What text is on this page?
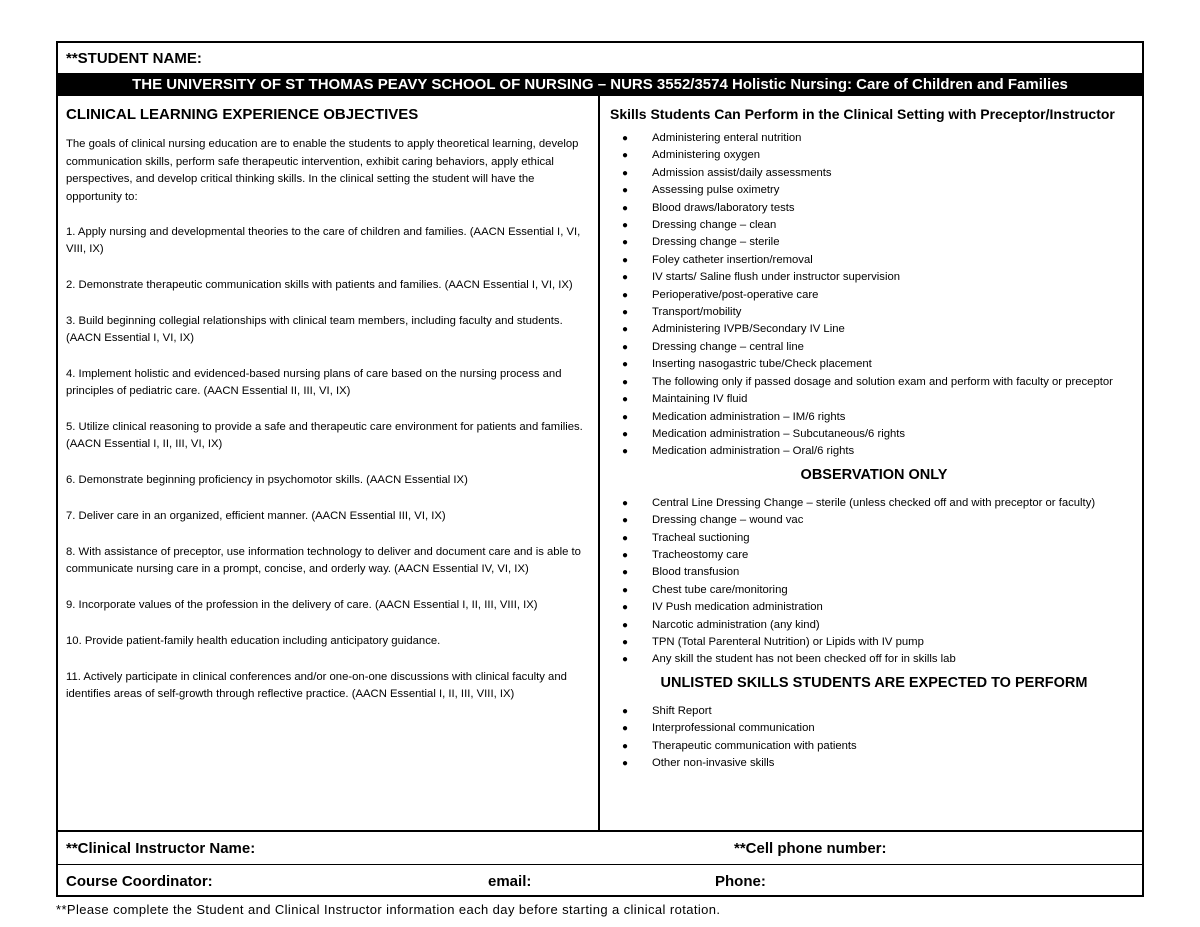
**STUDENT NAME:
THE UNIVERSITY OF ST THOMAS PEAVY SCHOOL OF NURSING – NURS 3552/3574 Holistic Nursing: Care of Children and Families
CLINICAL LEARNING EXPERIENCE OBJECTIVES

The goals of clinical nursing education are to enable the students to apply theoretical learning, develop communication skills, perform safe therapeutic intervention, exhibit caring behaviors, apply ethical perspectives, and develop critical thinking skills. In the clinical setting the student will have the opportunity to:

1. Apply nursing and developmental theories to the care of children and families. (AACN Essential I, VI, VIII, IX)
2. Demonstrate therapeutic communication skills with patients and families. (AACN Essential I, VI, IX)
3. Build beginning collegial relationships with clinical team members, including faculty and students. (AACN Essential I, VI, IX)
4. Implement holistic and evidenced-based nursing plans of care based on the nursing process and principles of pediatric care. (AACN Essential II, III, VI, IX)
5. Utilize clinical reasoning to provide a safe and therapeutic care environment for patients and families. (AACN Essential I, II, III, VI, IX)
6. Demonstrate beginning proficiency in psychomotor skills. (AACN Essential IX)
7. Deliver care in an organized, efficient manner. (AACN Essential III, VI, IX)
8. With assistance of preceptor, use information technology to deliver and document care and is able to communicate nursing care in a prompt, concise, and orderly way. (AACN Essential IV, VI, IX)
9. Incorporate values of the profession in the delivery of care. (AACN Essential I, II, III, VIII, IX)
10. Provide patient-family health education including anticipatory guidance.
11. Actively participate in clinical conferences and/or one-on-one discussions with clinical faculty and identifies areas of self-growth through reflective practice. (AACN Essential I, II, III, VIII, IX)
Skills Students Can Perform in the Clinical Setting with Preceptor/Instructor
● Administering enteral nutrition
● Administering oxygen
● Admission assist/daily assessments
● Assessing pulse oximetry
● Blood draws/laboratory tests
● Dressing change – clean
● Dressing change – sterile
● Foley catheter insertion/removal
● IV starts/ Saline flush under instructor supervision
● Perioperative/post-operative care
● Transport/mobility
● Administering IVPB/Secondary IV Line
● Dressing change – central line
● Inserting nasogastric tube/Check placement
● The following only if passed dosage and solution exam and perform with faculty or preceptor
● Maintaining IV fluid
● Medication administration – IM/6 rights
● Medication administration – Subcutaneous/6 rights
● Medication administration – Oral/6 rights
OBSERVATION ONLY
● Central Line Dressing Change – sterile (unless checked off and with preceptor or faculty)
● Dressing change – wound vac
● Tracheal suctioning
● Tracheostomy care
● Blood transfusion
● Chest tube care/monitoring
● IV Push medication administration
● Narcotic administration (any kind)
● TPN (Total Parenteral Nutrition) or Lipids with IV pump
● Any skill the student has not been checked off for in skills lab
UNLISTED SKILLS STUDENTS ARE EXPECTED TO PERFORM
● Shift Report
● Interprofessional communication
● Therapeutic communication with patients
● Other non-invasive skills
**Clinical Instructor Name:	**Cell phone number:
Course Coordinator:	email:	Phone:
**Please complete the Student and Clinical Instructor information each day before starting a clinical rotation.
